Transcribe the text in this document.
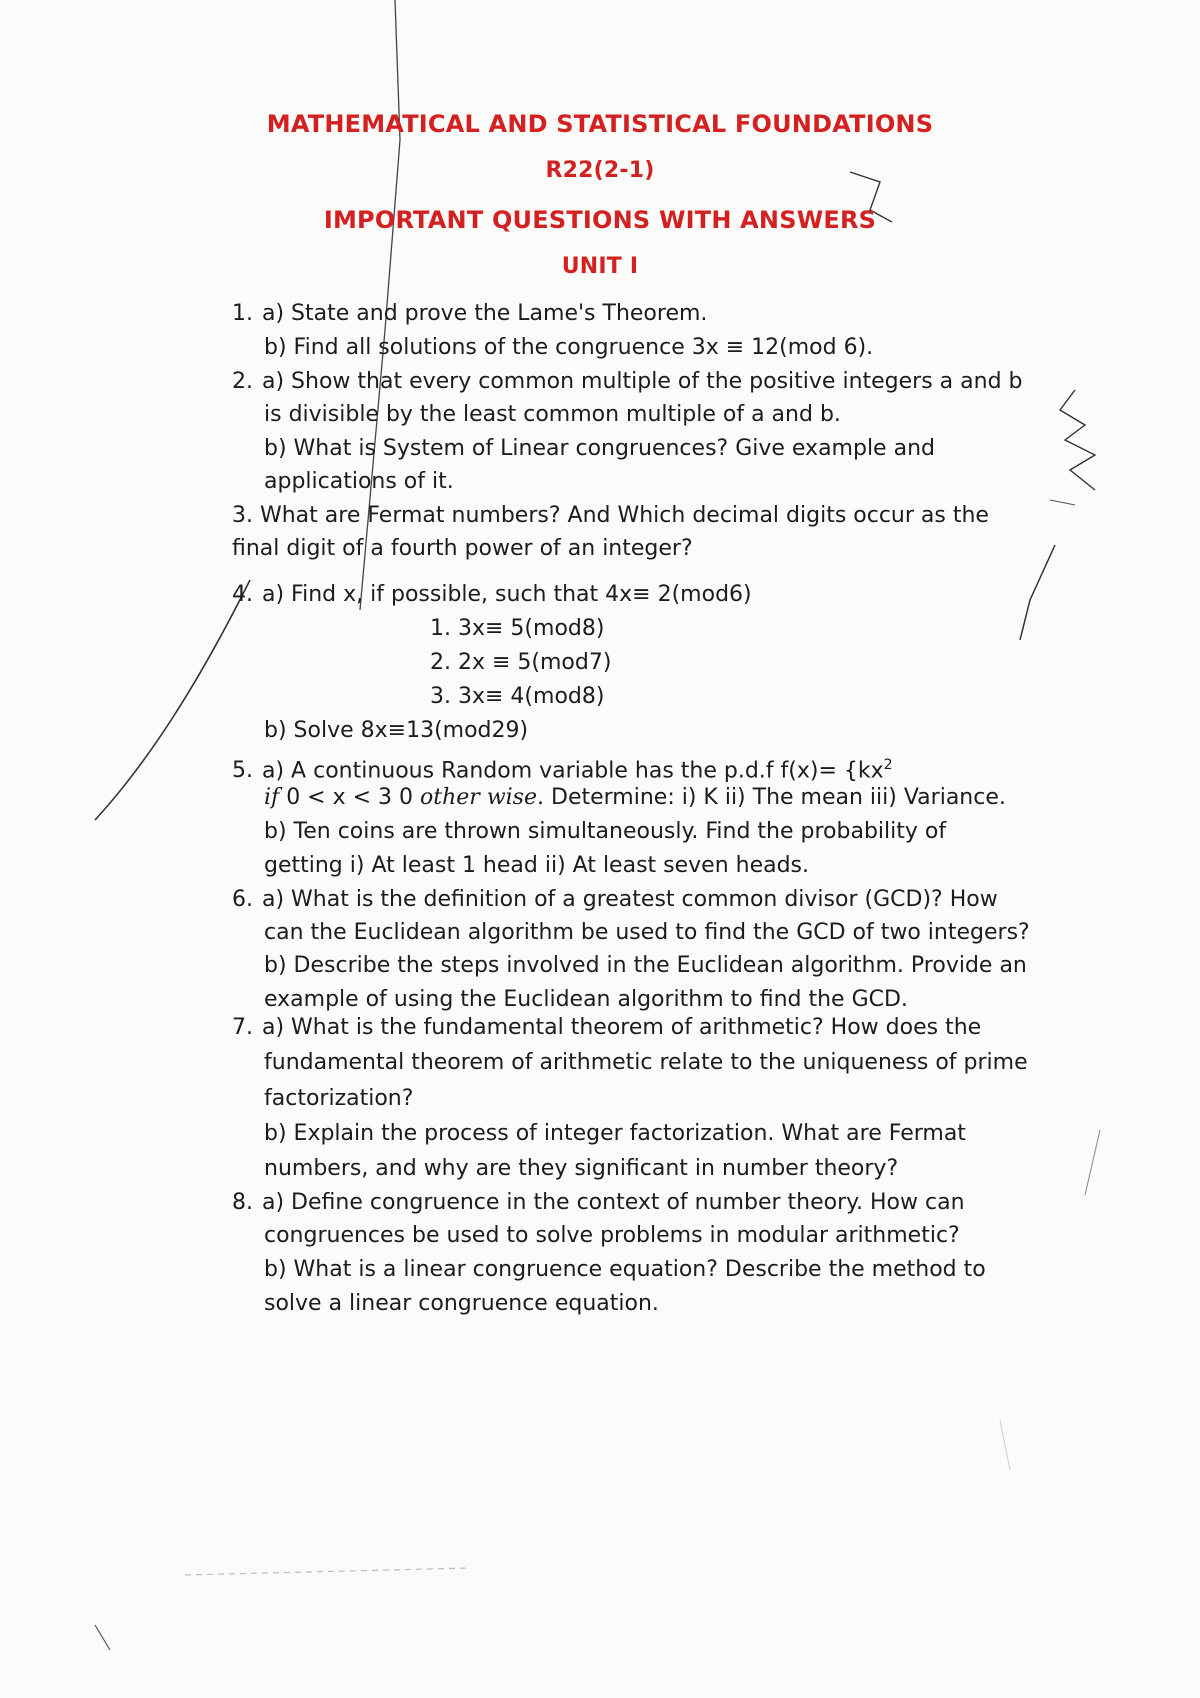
MATHEMATICAL AND STATISTICAL FOUNDATIONS
R22(2-1)
IMPORTANT QUESTIONS WITH ANSWERS
UNIT I
1. a) State and prove the Lame's Theorem.
b) Find all solutions of the congruence 3x ≡ 12(mod 6).
2. a) Show that every common multiple of the positive integers a and b
is divisible by the least common multiple of a and b.
b) What is System of Linear congruences? Give example and
applications of it.
3. What are Fermat numbers? And Which decimal digits occur as the
final digit of a fourth power of an integer?
4. a) Find x, if possible, such that 4x≡ 2(mod6)
1. 3x≡ 5(mod8)
2. 2x ≡ 5(mod7)
3. 3x≡ 4(mod8)
b) Solve 8x≡13(mod29)
5. a) A continuous Random variable has the p.d.f $f(x)= \{kx^2$
if 0 < x < 3 0 other wise. Determine: i) K ii) The mean iii) Variance.
b) Ten coins are thrown simultaneously. Find the probability of
getting i) At least 1 head ii) At least seven heads.
6. a) What is the definition of a greatest common divisor (GCD)? How
can the Euclidean algorithm be used to find the GCD of two integers?
b) Describe the steps involved in the Euclidean algorithm. Provide an
example of using the Euclidean algorithm to find the GCD.
7. a) What is the fundamental theorem of arithmetic? How does the
fundamental theorem of arithmetic relate to the uniqueness of prime
factorization?
b) Explain the process of integer factorization. What are Fermat
numbers, and why are they significant in number theory?
8. a) Define congruence in the context of number theory. How can
congruences be used to solve problems in modular arithmetic?
b) What is a linear congruence equation? Describe the method to
solve a linear congruence equation.
